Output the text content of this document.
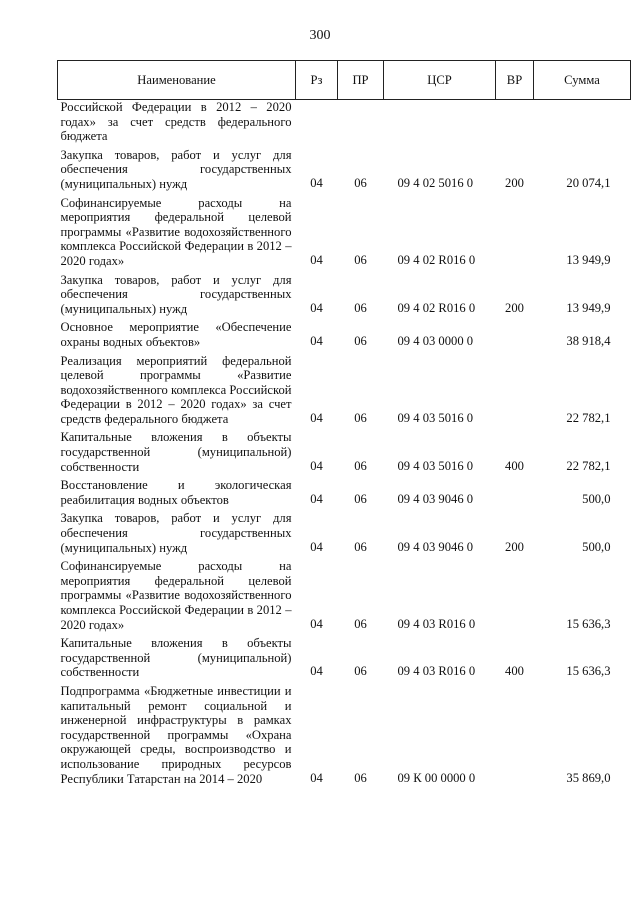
300
Наименование	Рз	ПР	ЦСР	ВР	Сумма
Российской Федерации в 2012 – 2020 годах» за счет средств федерального бюджета					
Закупка товаров, работ и услуг для обеспечения государственных (муниципальных) нужд	04	06	09 4 02 5016 0	200	20 074,1
Софинансируемые расходы на мероприятия федеральной целевой программы «Развитие водохозяйственного комплекса Российской Федерации в 2012 – 2020 годах»	04	06	09 4 02 R016 0		13 949,9
Закупка товаров, работ и услуг для обеспечения государственных (муниципальных) нужд	04	06	09 4 02 R016 0	200	13 949,9
Основное мероприятие «Обеспечение охраны водных объектов»	04	06	09 4 03 0000 0		38 918,4
Реализация мероприятий федеральной целевой программы «Развитие водохозяйственного комплекса Российской Федерации в 2012 – 2020 годах» за счет средств федерального бюджета	04	06	09 4 03 5016 0		22 782,1
Капитальные вложения в объекты государственной (муниципальной) собственности	04	06	09 4 03 5016 0	400	22 782,1
Восстановление и экологическая реабилитация водных объектов	04	06	09 4 03 9046 0		500,0
Закупка товаров, работ и услуг для обеспечения государственных (муниципальных) нужд	04	06	09 4 03 9046 0	200	500,0
Софинансируемые расходы на мероприятия федеральной целевой программы «Развитие водохозяйственного комплекса Российской Федерации в 2012 – 2020 годах»	04	06	09 4 03 R016 0		15 636,3
Капитальные вложения в объекты государственной (муниципальной) собственности	04	06	09 4 03 R016 0	400	15 636,3
Подпрограмма «Бюджетные инвестиции и капитальный ремонт социальной и инженерной инфраструктуры в рамках государственной программы «Охрана окружающей среды, воспроизводство и использование природных ресурсов Республики Татарстан на 2014 – 2020	04	06	09 К 00 0000 0		35 869,0
